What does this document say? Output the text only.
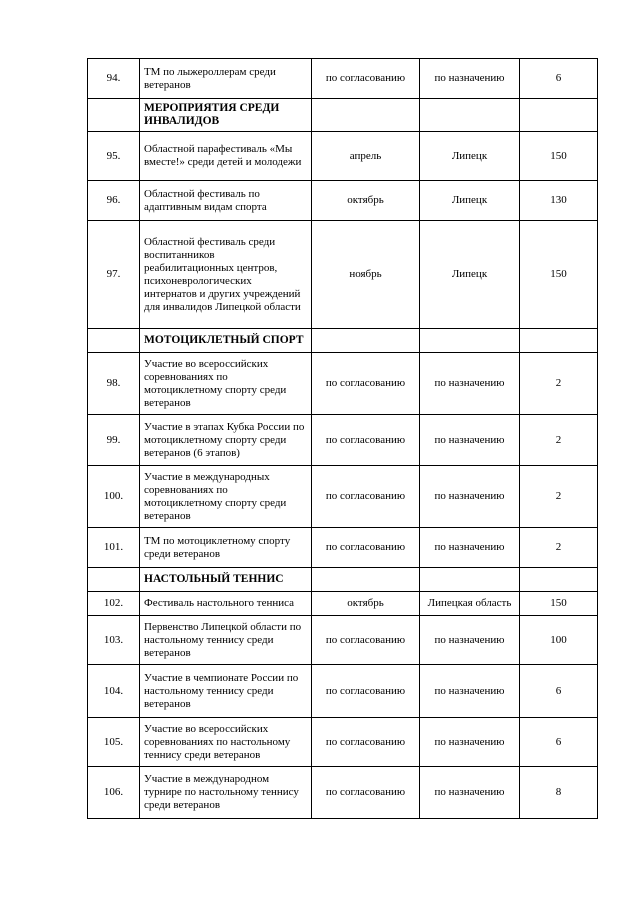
94.	ТМ по лыжероллерам среди ветеранов	по согласованию	по назначению	6
	МЕРОПРИЯТИЯ СРЕДИ ИНВАЛИДОВ			
95.	Областной парафестиваль «Мы вместе!» среди детей и молодежи	апрель	Липецк	150
96.	Областной фестиваль по адаптивным видам спорта	октябрь	Липецк	130
97.	Областной фестиваль среди воспитанников реабилитационных центров, психоневрологических интернатов и других учреждений для инвалидов Липецкой области	ноябрь	Липецк	150
	МОТОЦИКЛЕТНЫЙ СПОРТ			
98.	Участие во всероссийских соревнованиях по мотоциклетному спорту среди ветеранов	по согласованию	по назначению	2
99.	Участие в этапах Кубка России по мотоциклетному спорту среди ветеранов (6 этапов)	по согласованию	по назначению	2
100.	Участие в международных соревнованиях по мотоциклетному спорту среди ветеранов	по согласованию	по назначению	2
101.	ТМ по мотоциклетному спорту среди ветеранов	по согласованию	по назначению	2
	НАСТОЛЬНЫЙ ТЕННИС			
102.	Фестиваль настольного тенниса	октябрь	Липецкая область	150
103.	Первенство Липецкой области по настольному теннису среди ветеранов	по согласованию	по назначению	100
104.	Участие в чемпионате России по настольному теннису среди ветеранов	по согласованию	по назначению	6
105.	Участие во всероссийских соревнованиях по настольному теннису среди ветеранов	по согласованию	по назначению	6
106.	Участие в международном турнире по настольному теннису среди ветеранов	по согласованию	по назначению	8
